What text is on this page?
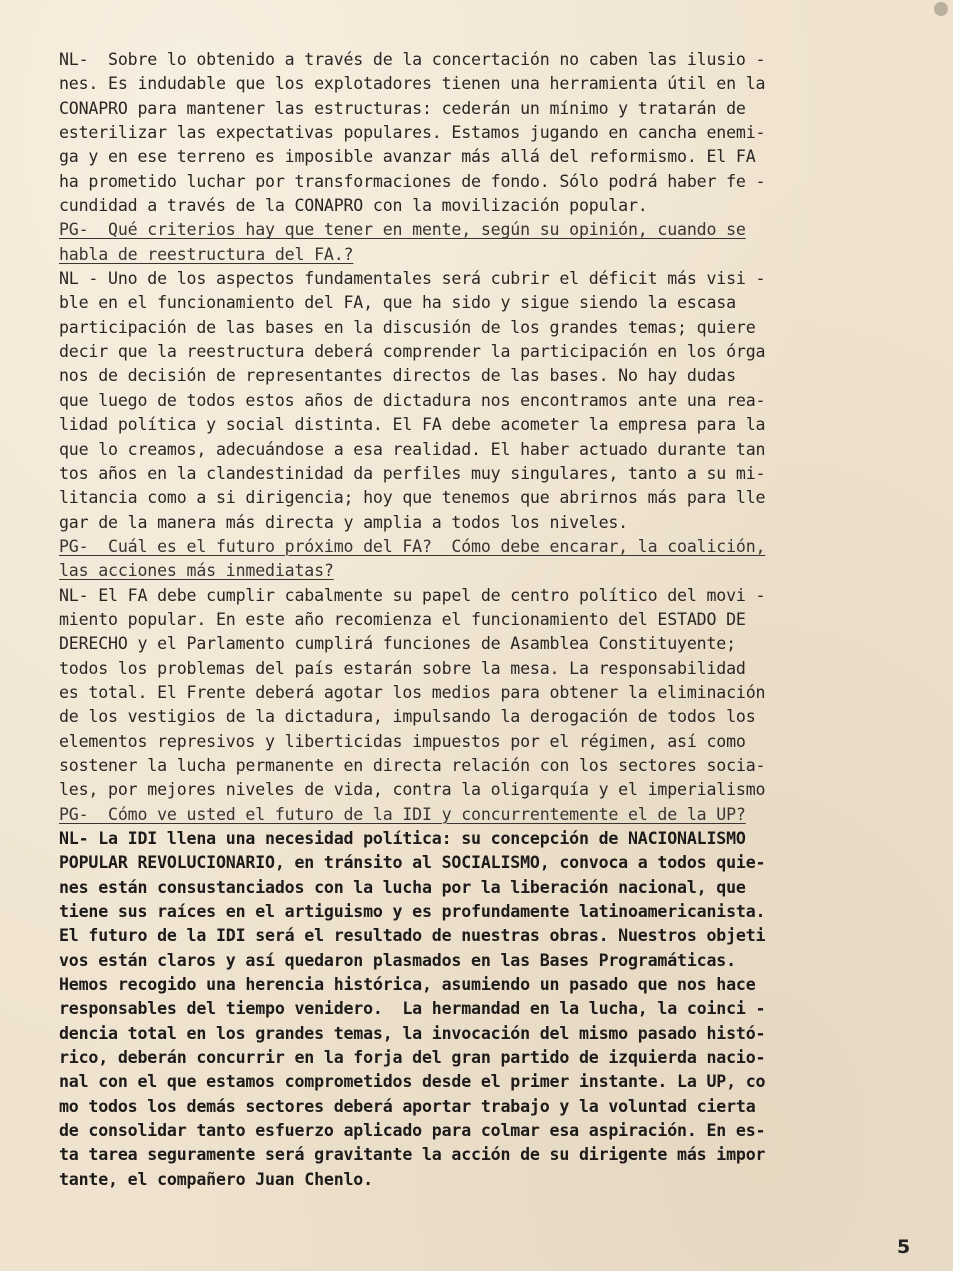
NL-  Sobre lo obtenido a través de la concertación no caben las ilusio -
nes. Es indudable que los explotadores tienen una herramienta útil en la
CONAPRO para mantener las estructuras: cederán un mínimo y tratarán de
esterilizar las expectativas populares. Estamos jugando en cancha enemi-
ga y en ese terreno es imposible avanzar más allá del reformismo. El FA
ha prometido luchar por transformaciones de fondo. Sólo podrá haber fe -
cundidad a través de la CONAPRO con la movilización popular.
PG-  Qué criterios hay que tener en mente, según su opinión, cuando se
habla de reestructura del FA.?
NL - Uno de los aspectos fundamentales será cubrir el déficit más visi -
ble en el funcionamiento del FA, que ha sido y sigue siendo la escasa
participación de las bases en la discusión de los grandes temas; quiere
decir que la reestructura deberá comprender la participación en los órga
nos de decisión de representantes directos de las bases. No hay dudas
que luego de todos estos años de dictadura nos encontramos ante una rea-
lidad política y social distinta. El FA debe acometer la empresa para la
que lo creamos, adecuándose a esa realidad. El haber actuado durante tan
tos años en la clandestinidad da perfiles muy singulares, tanto a su mi-
litancia como a si dirigencia; hoy que tenemos que abrirnos más para lle
gar de la manera más directa y amplia a todos los niveles.
PG-  Cuál es el futuro próximo del FA?  Cómo debe encarar, la coalición,
las acciones más inmediatas?
NL- El FA debe cumplir cabalmente su papel de centro político del movi -
miento popular. En este año recomienza el funcionamiento del ESTADO DE
DERECHO y el Parlamento cumplirá funciones de Asamblea Constituyente;
todos los problemas del país estarán sobre la mesa. La responsabilidad
es total. El Frente deberá agotar los medios para obtener la eliminación
de los vestigios de la dictadura, impulsando la derogación de todos los
elementos represivos y liberticidas impuestos por el régimen, así como
sostener la lucha permanente en directa relación con los sectores socia-
les, por mejores niveles de vida, contra la oligarquía y el imperialismo
PG-  Cómo ve usted el futuro de la IDI y concurrentemente el de la UP?
NL- La IDI llena una necesidad política: su concepción de NACIONALISMO
POPULAR REVOLUCIONARIO, en tránsito al SOCIALISMO, convoca a todos quie-
nes están consustanciados con la lucha por la liberación nacional, que
tiene sus raíces en el artiguismo y es profundamente latinoamericanista.
El futuro de la IDI será el resultado de nuestras obras. Nuestros objeti
vos están claros y así quedaron plasmados en las Bases Programáticas.
Hemos recogido una herencia histórica, asumiendo un pasado que nos hace
responsables del tiempo venidero.  La hermandad en la lucha, la coinci -
dencia total en los grandes temas, la invocación del mismo pasado histó-
rico, deberán concurrir en la forja del gran partido de izquierda nacio-
nal con el que estamos comprometidos desde el primer instante. La UP, co
mo todos los demás sectores deberá aportar trabajo y la voluntad cierta
de consolidar tanto esfuerzo aplicado para colmar esa aspiración. En es-
ta tarea seguramente será gravitante la acción de su dirigente más impor
tante, el compañero Juan Chenlo.
5
